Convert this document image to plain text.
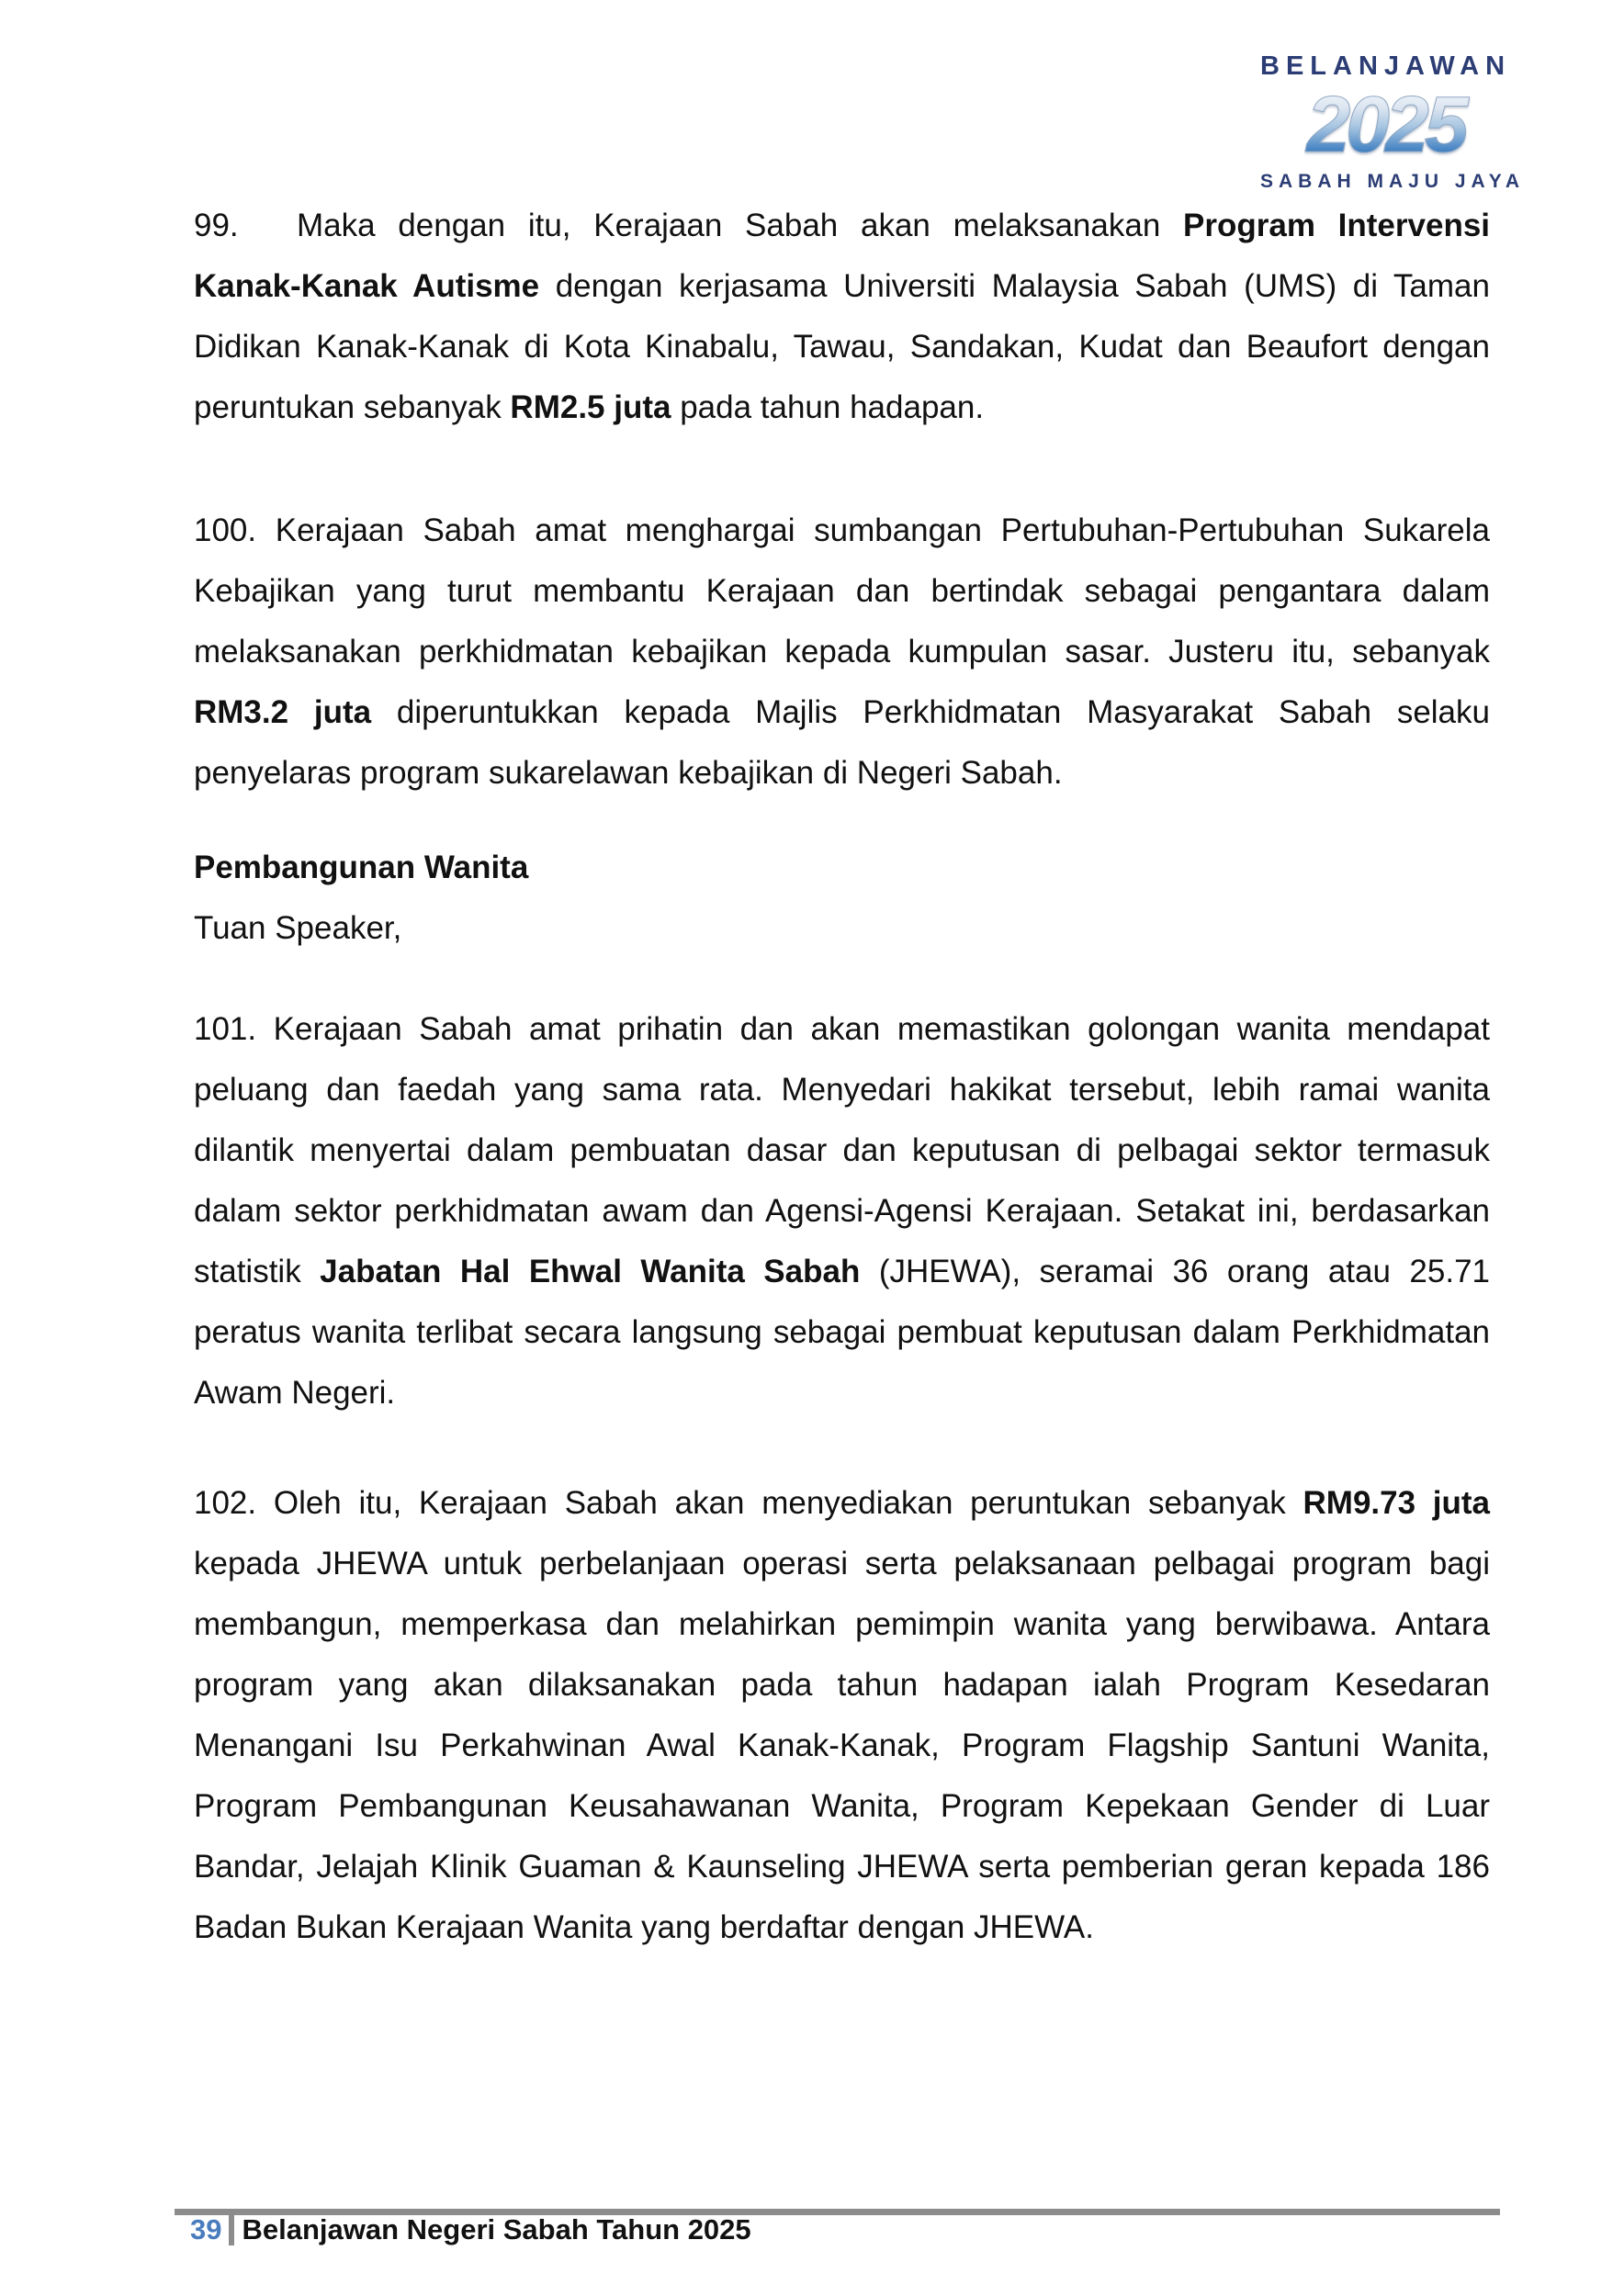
BELANJAWAN
2025
SABAH MAJU JAYA

99. Maka dengan itu, Kerajaan Sabah akan melaksanakan Program Intervensi Kanak-Kanak Autisme dengan kerjasama Universiti Malaysia Sabah (UMS) di Taman Didikan Kanak-Kanak di Kota Kinabalu, Tawau, Sandakan, Kudat dan Beaufort dengan peruntukan sebanyak RM2.5 juta pada tahun hadapan.

100. Kerajaan Sabah amat menghargai sumbangan Pertubuhan-Pertubuhan Sukarela Kebajikan yang turut membantu Kerajaan dan bertindak sebagai pengantara dalam melaksanakan perkhidmatan kebajikan kepada kumpulan sasar. Justeru itu, sebanyak RM3.2 juta diperuntukkan kepada Majlis Perkhidmatan Masyarakat Sabah selaku penyelaras program sukarelawan kebajikan di Negeri Sabah.

Pembangunan Wanita

Tuan Speaker,

101. Kerajaan Sabah amat prihatin dan akan memastikan golongan wanita mendapat peluang dan faedah yang sama rata. Menyedari hakikat tersebut, lebih ramai wanita dilantik menyertai dalam pembuatan dasar dan keputusan di pelbagai sektor termasuk dalam sektor perkhidmatan awam dan Agensi-Agensi Kerajaan. Setakat ini, berdasarkan statistik Jabatan Hal Ehwal Wanita Sabah (JHEWA), seramai 36 orang atau 25.71 peratus wanita terlibat secara langsung sebagai pembuat keputusan dalam Perkhidmatan Awam Negeri.

102. Oleh itu, Kerajaan Sabah akan menyediakan peruntukan sebanyak RM9.73 juta kepada JHEWA untuk perbelanjaan operasi serta pelaksanaan pelbagai program bagi membangun, memperkasa dan melahirkan pemimpin wanita yang berwibawa. Antara program yang akan dilaksanakan pada tahun hadapan ialah Program Kesedaran Menangani Isu Perkahwinan Awal Kanak-Kanak, Program Flagship Santuni Wanita, Program Pembangunan Keusahawanan Wanita, Program Kepekaan Gender di Luar Bandar, Jelajah Klinik Guaman & Kaunseling JHEWA serta pemberian geran kepada 186 Badan Bukan Kerajaan Wanita yang berdaftar dengan JHEWA.

39 Belanjawan Negeri Sabah Tahun 2025
